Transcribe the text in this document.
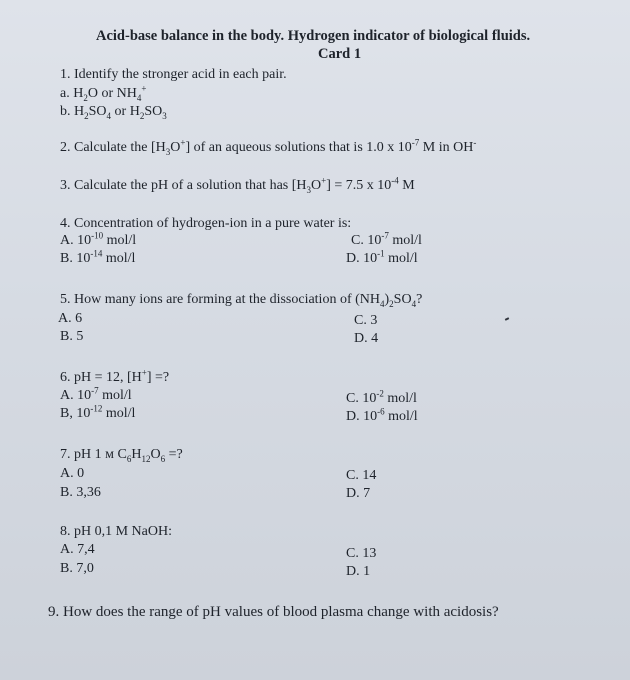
Acid-base balance in the body. Hydrogen indicator of biological fluids.
Card 1
1. Identify the stronger acid in each pair.
a. $H_2O$ or $NH_4^+$
b. $H_2SO_4$ or $H_2SO_3$
2. Calculate the $[H_3O^+]$ of an aqueous solutions that is 1.0 x $10^{-7}$ M in OH-
3. Calculate the pH of a solution that has $[H_3O^+] = 7.5$ x $10^{-4}$ M
4. Concentration of hydrogen-ion in a pure water is:
A. $10^{-10}$ mol/l
B. $10^{-14}$ mol/l
C. $10^{-7}$ mol/l
D. $10^{-1}$ mol/l
5. How many ions are forming at the dissociation of $(NH_4)_2SO_4$?
A. 6
B. 5
C. 3
D. 4
6. pH = 12, [H+] =?
A. $10^{-7}$ mol/l
B, $10^{-12}$ mol/l
C. $10^{-2}$ mol/l
D. $10^{-6}$ mol/l
7. pH 1 м $C_6H_{12}O_6$ =?
A. 0
B. 3,36
C. 14
D. 7
8. pH 0,1 M NaOH:
A. 7,4
B. 7,0
C. 13
D. 1
9. How does the range of pH values of blood plasma change with acidosis?
